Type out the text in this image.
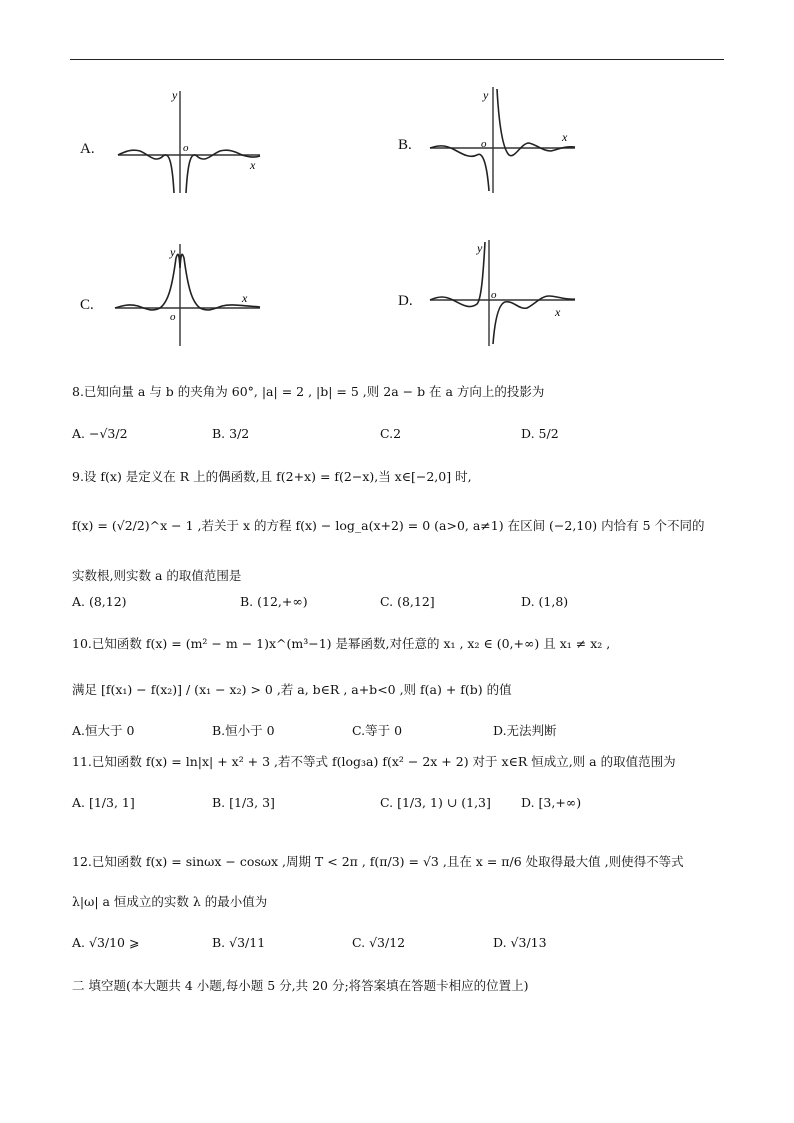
A.
y
x
o	B.
y
x
o
C.
y
x
o
D.
y
x
o
8.已知向量 a 与 b 的夹角为 60°, |a| = 2 , |b| = 5 ,则 2a − b 在 a 方向上的投影为
A. −√3/2	B. 3/2	C.2	D. 5/2
9.设 f(x) 是定义在 R 上的偶函数,且 f(2+x) = f(2−x),当 x∈[−2,0] 时,
f(x) = (√2/2)^x − 1 ,若关于 x 的方程 f(x) − log_a(x+2) = 0 (a>0, a≠1) 在区间 (−2,10) 内恰有 5 个不同的
实数根,则实数 a 的取值范围是
A. (8,12)	B. (12,+∞)	C. (8,12]	D. (1,8)
10.已知函数 f(x) = (m² − m − 1)x^(m³−1) 是幂函数,对任意的 x₁ , x₂ ∈ (0,+∞) 且 x₁ ≠ x₂ ,
满足 [f(x₁) − f(x₂)] / (x₁ − x₂) > 0 ,若 a, b∈R , a+b<0 ,则 f(a) + f(b) 的值
A.恒大于 0	B.恒小于 0	C.等于 0	D.无法判断
11.已知函数 f(x) = ln|x| + x² + 3 ,若不等式 f(log₃a) f(x² − 2x + 2) 对于 x∈R 恒成立,则 a 的取值范围为
A. [1/3, 1]	B. [1/3, 3]	C. [1/3, 1) ∪ (1,3] D. [3,+∞)
12.已知函数 f(x) = sinωx − cosωx ,周期 T < 2π , f(π/3) = √3 ,且在 x = π/6 处取得最大值 ,则使得不等式
λ|ω| a 恒成立的实数 λ 的最小值为
A. √3/10 ⩾	B. √3/11	C. √3/12	D. √3/13
二 填空题(本大题共 4 小题,每小题 5 分,共 20 分;将答案填在答题卡相应的位置上)
